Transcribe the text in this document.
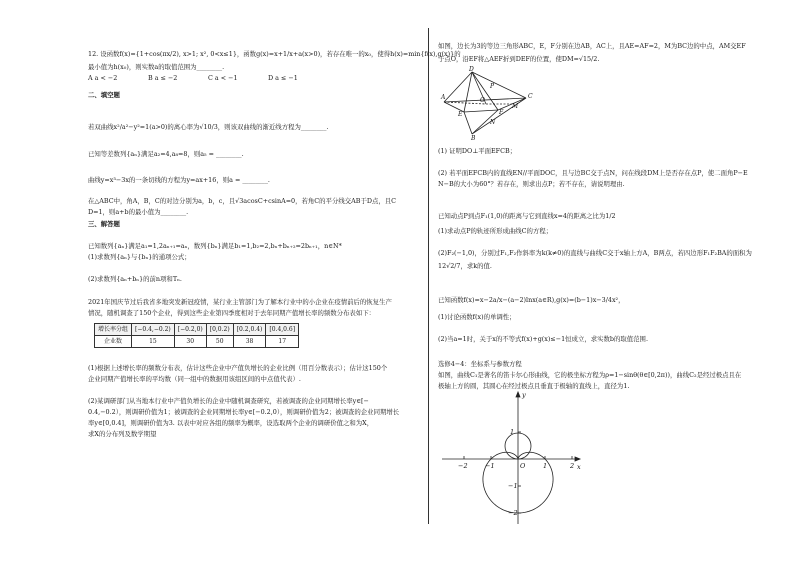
A a < −2	B a ≤ −2	C a < −1	D a ≤ −1
增长率分组	[−0.4,−0.2)	[−0.2,0)	[0,0.2)	[0.2,0.4)	[0.4,0.6]
企业数	15	30	50	38	17
12. 设函数f(x)={1+cos(πx/2), x>1; x², 0<x≤1}，函数g(x)=x+1/x+a(x>0)，若存在唯一的x₀，使得h(x)=min{f(x),g(x)}的
最小值为h(x₀)，则实数a的取值范围为________.
二、填空题
若双曲线x²/a²−y²=1(a>0)的离心率为√10/3，则该双曲线的渐近线方程为________.
已知等差数列{aₙ}满足a₂=4,a₈=8，则a₅ = ________.
曲线y=x³−3x的一条切线的方程为y=ax+16，则a = ________.
在△ABC中，角A，B，C的对边分别为a，b，c，且√3acosC+csinA=0，若角C的平分线交AB于D点，且C
D=1，则a+b的最小值为________.
三、解答题
已知数列{aₙ}满足a₁=1,2aₙ₊₁=aₙ，数列{bₙ}满足b₁=1,b₂=2,bₙ+bₙ₊₂=2bₙ₊₁，n∈N*
(1)求数列{aₙ}与{bₙ}的通项公式；
(2)求数列{aₙ+bₙ}的前n项和Tₙ.
2021年国庆节过后我省多地突发新冠疫情，某行业主管部门为了解本行业中的小企业在疫情前后的恢复生产
情况，随机调查了150个企业，得到这些企业第四季度相对于去年同期产值增长率的频数分布表如下：
(1)根据上述增长率的频数分布表，估计这些企业中产值负增长的企业比例（用百分数表示）；估计这150个
企业同期产值增长率的平均数（同一组中的数据用该组区间的中点值代表）.
(2)某调研部门从当地本行业中产值负增长的企业中随机调查研究，若被调查的企业同期增长率y∈[−
0.4,−0.2），则调研价值为1；被调查的企业同期增长率y∈[−0.2,0），则调研价值为2；被调查的企业同期增长
率y∈[0,0.4]，则调研价值为3. 以表中对应各组的频率为概率，设选取两个企业的调研价值之和为X，
求X的分布列及数学期望
D
A
E
O
F
B
N
M
C
P
y
x
O
−2	−1	1	2
1
−1
−2
如图，边长为3的等边三角形ABC，E，F分别在边AB，AC上，且AE=AF=2，M为BC边的中点，AM交EF
于点O，沿EF将△AEF折到DEF的位置，使DM=√15/2.
(1) 证明DO⊥平面EFCB；
(2) 若平面EFCB内的直线EN//平面DOC，且与边BC交于点N，问在线段DM上是否存在点P，使二面角P−E
N−B的大小为60°？若存在，则求出点P；若不存在，请说明理由.
已知动点P到点F₁(1,0)的距离与它到直线x=4的距离之比为1/2
(1)求动点P的轨迹所形成曲线C的方程；
(2)F₂(−1,0)，分别过F₁,F₂作斜率为k(k≠0)的直线与曲线C交于x轴上方A，B两点，若四边形F₁F₂BA的面积为
12√2/7，求k的值.
已知函数f(x)=x−2a/x−(a−2)lnx(a∈R),g(x)=(b−1)x−3/4x²，
(1)讨论函数f(x)的单调性；
(2)当a=1时，关于x的不等式f(x)+g(x)≤−1恒成立，求实数b的取值范围.
选修4−4：坐标系与参数方程
如图，曲线C₁是著名的笛卡尔心形曲线，它的极坐标方程为ρ=1−sinθ(θ∈[0,2π))，曲线C₂是经过极点且在
极轴上方的圆，其圆心在经过极点且垂直于极轴的直线上，直径为1.
